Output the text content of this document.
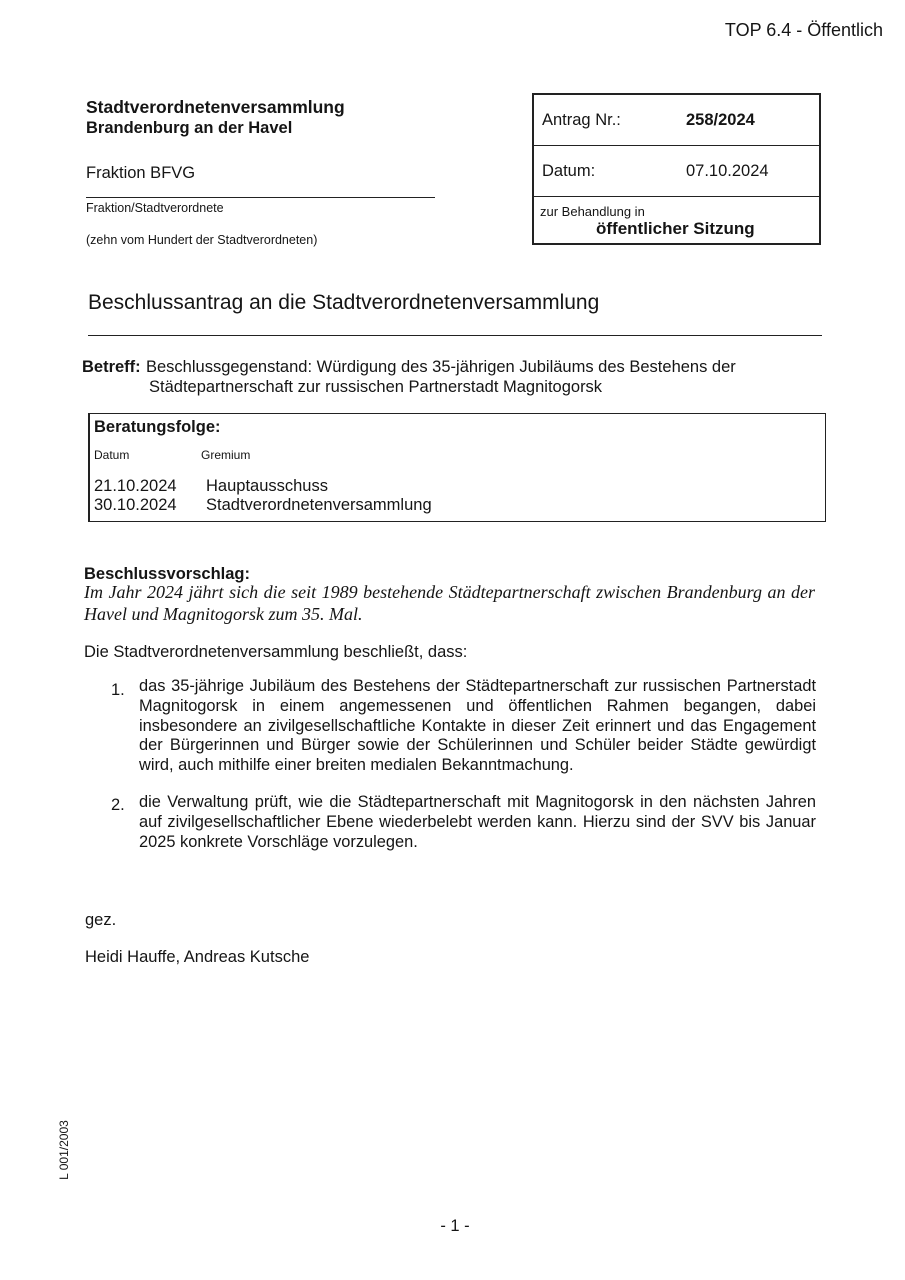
TOP 6.4 - Öffentlich
Stadtverordnetenversammlung
Brandenburg an der Havel
Fraktion BFVG
Fraktion/Stadtverordnete
(zehn vom Hundert der Stadtverordneten)
Antrag Nr.:	258/2024
Datum:	07.10.2024
zur Behandlung in
öffentlicher Sitzung
Beschlussantrag an die Stadtverordnetenversammlung
Betreff: Beschlussgegenstand: Würdigung des 35-jährigen Jubiläums des Bestehens der
Städtepartnerschaft zur russischen Partnerstadt Magnitogorsk
Beratungsfolge:
Datum	Gremium
21.10.2024 Hauptausschuss
30.10.2024 Stadtverordnetenversammlung
Beschlussvorschlag:
Im Jahr 2024 jährt sich die seit 1989 bestehende Städtepartnerschaft zwischen Brandenburg an der
Havel und Magnitogorsk zum 35. Mal.
Die Stadtverordnetenversammlung beschließt, dass:
1. das 35-jährige Jubiläum des Bestehens der Städtepartnerschaft zur russischen Partnerstadt
Magnitogorsk in einem angemessenen und öffentlichen Rahmen begangen, dabei
insbesondere an zivilgesellschaftliche Kontakte in dieser Zeit erinnert und das Engagement
der Bürgerinnen und Bürger sowie der Schülerinnen und Schüler beider Städte gewürdigt
wird, auch mithilfe einer breiten medialen Bekanntmachung.
2. die Verwaltung prüft, wie die Städtepartnerschaft mit Magnitogorsk in den nächsten Jahren
auf zivilgesellschaftlicher Ebene wiederbelebt werden kann. Hierzu sind der SVV bis Januar
2025 konkrete Vorschläge vorzulegen.
gez.
Heidi Hauffe, Andreas Kutsche
L 001/2003
- 1 -
